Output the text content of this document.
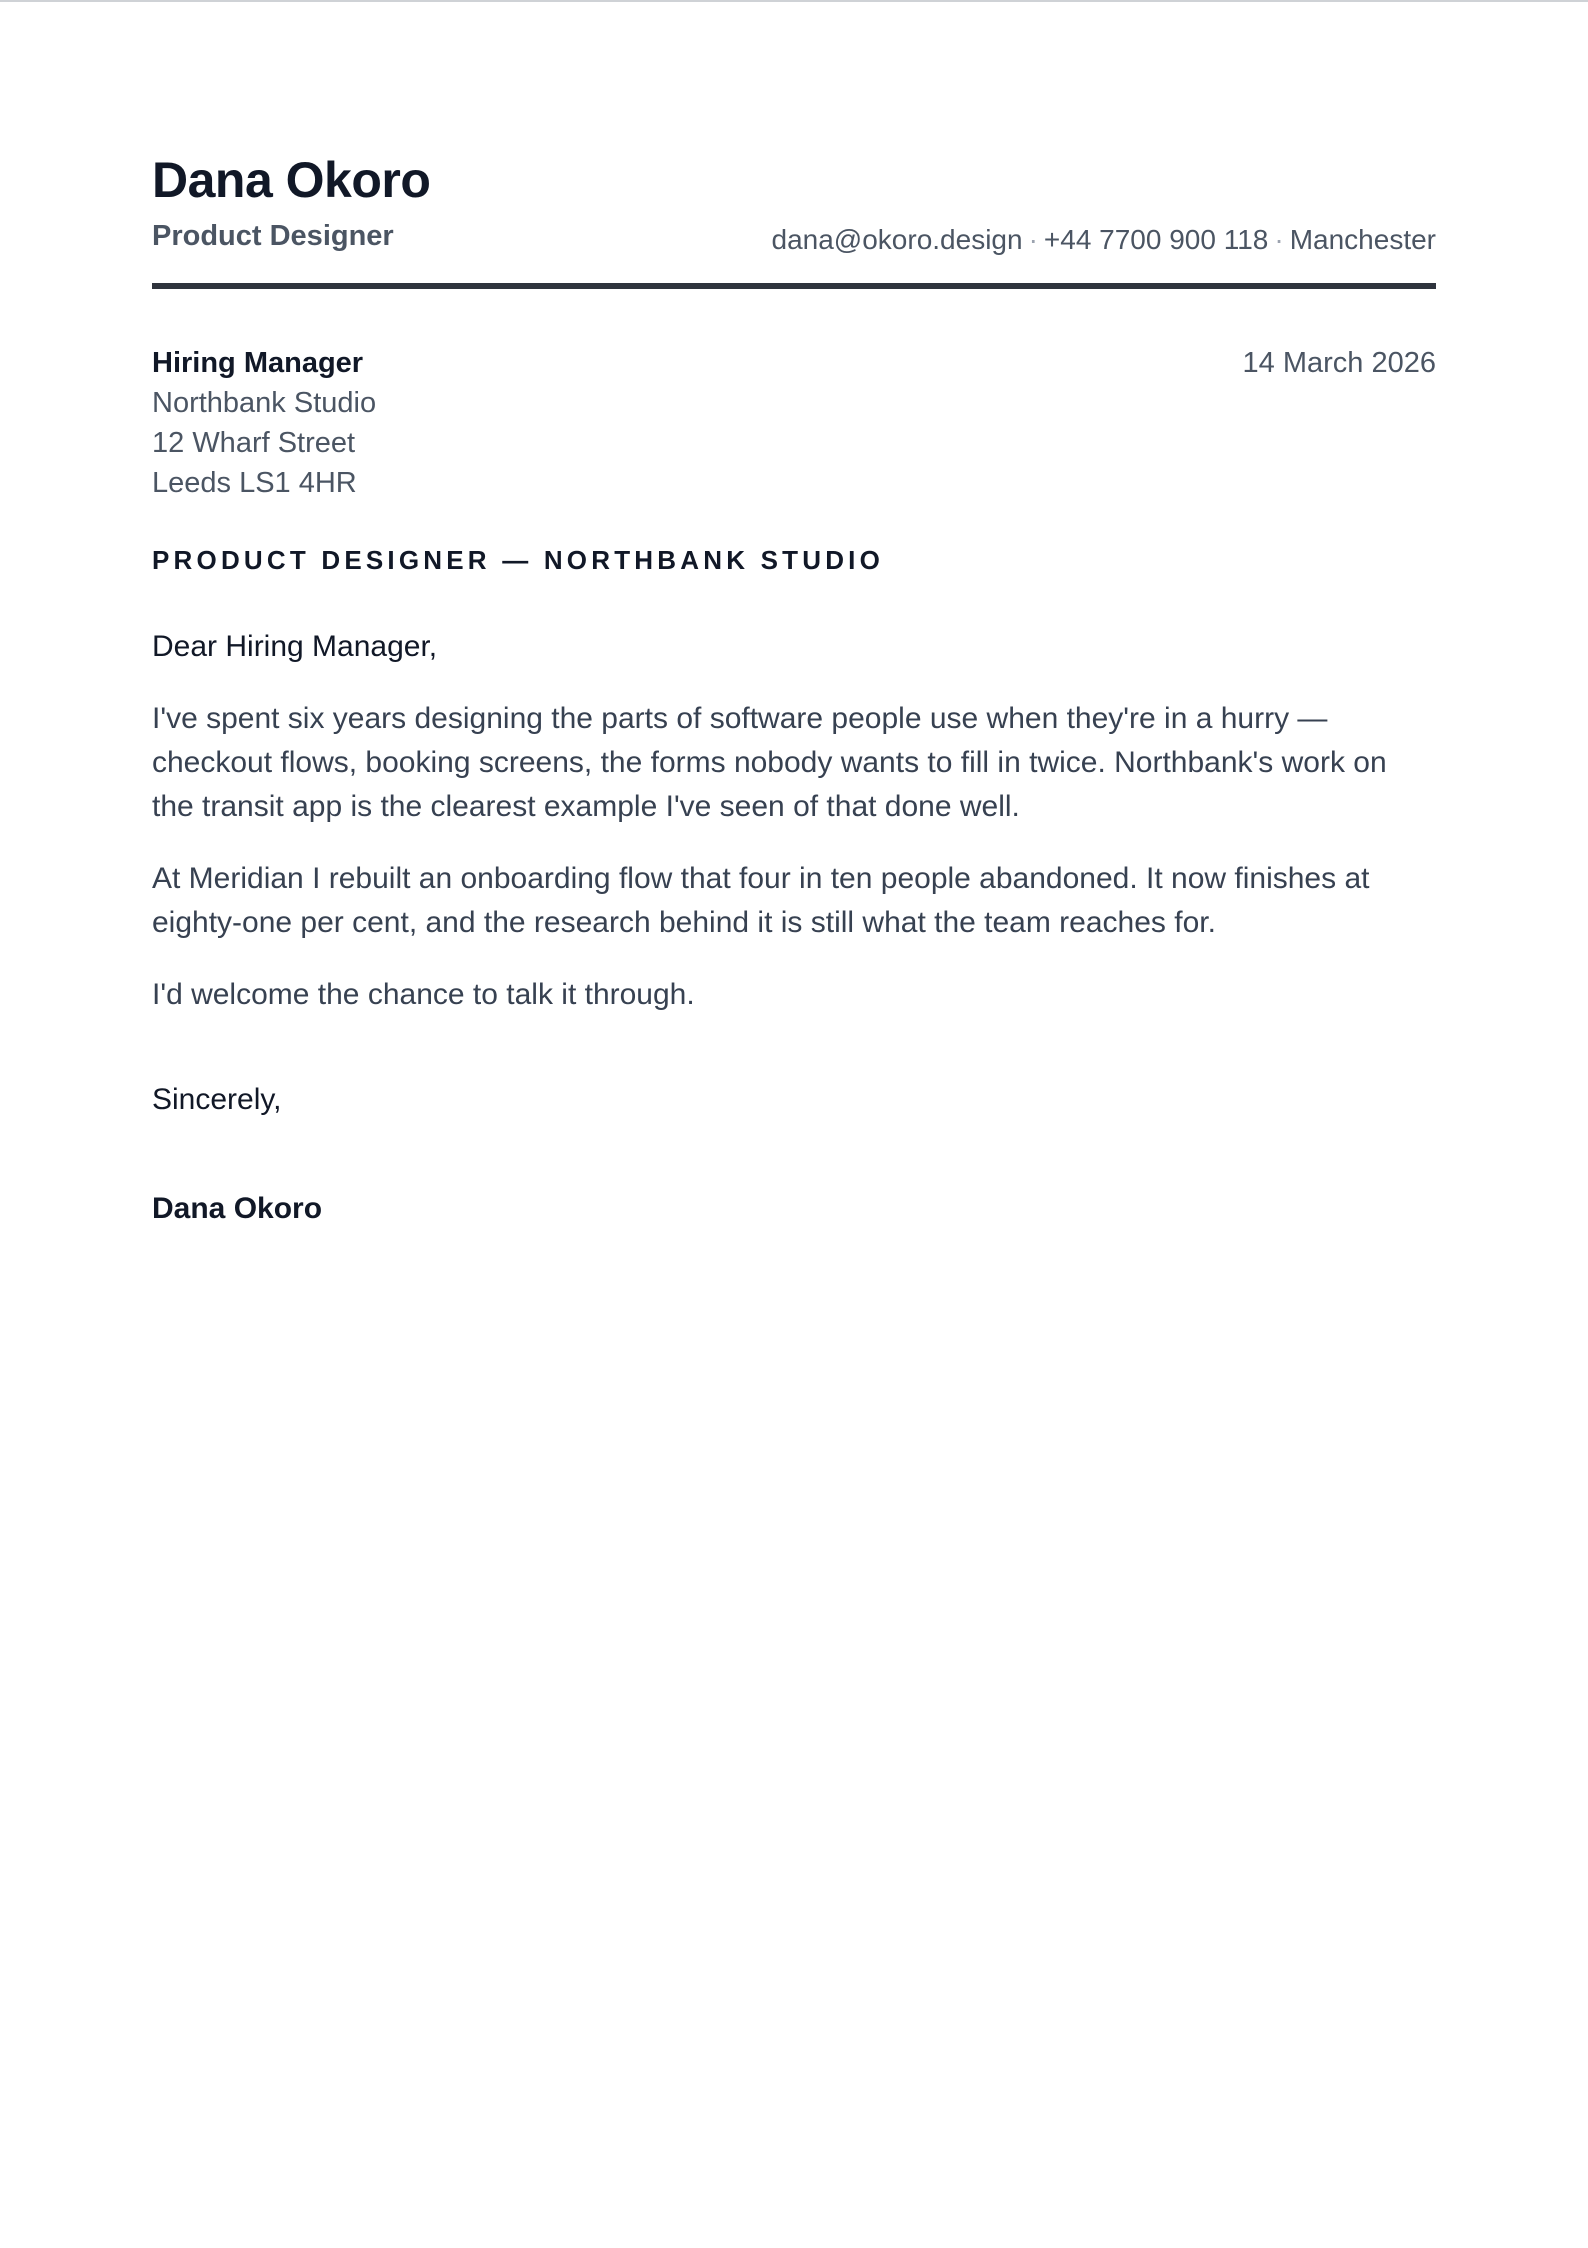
Dana Okoro
Product Designer	dana@okoro.design · +44 7700 900 118 · Manchester
Hiring Manager
Northbank Studio
12 Wharf Street
Leeds LS1 4HR
14 March 2026
PRODUCT DESIGNER — NORTHBANK STUDIO

Dear Hiring Manager,

I've spent six years designing the parts of software people use when they're in a hurry — checkout flows, booking screens, the forms nobody wants to fill in twice. Northbank's work on the transit app is the clearest example I've seen of that done well.

At Meridian I rebuilt an onboarding flow that four in ten people abandoned. It now finishes at eighty-one per cent, and the research behind it is still what the team reaches for.

I'd welcome the chance to talk it through.

Sincerely,
Dana Okoro
